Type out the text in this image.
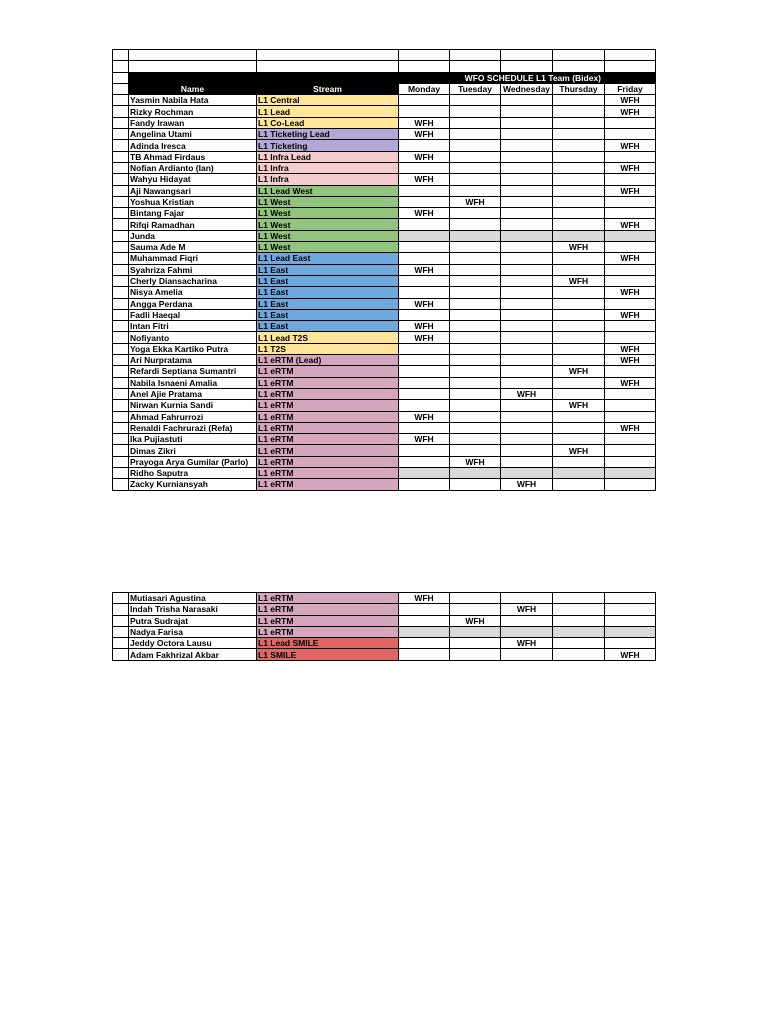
			WFO SCHEDULE L1 Team (Bidex)				
	Name	Stream	Monday	Tuesday	Wednesday	Thursday	Friday
	Yasmin Nabila Hata	L1 Central					WFH
	Rizky Rochman	L1 Lead					WFH
	Fandy Irawan	L1 Co-Lead	WFH				
	Angelina Utami	L1 Ticketing Lead	WFH				
	Adinda Iresca	L1 Ticketing					WFH
	TB Ahmad Firdaus	L1 Infra Lead	WFH				
	Nofian Ardianto (Ian)	L1 Infra					WFH
	Wahyu Hidayat	L1 Infra	WFH				
	Aji Nawangsari	L1 Lead West					WFH
	Yoshua Kristian	L1 West		WFH			
	Bintang Fajar	L1 West	WFH				
	Rifqi Ramadhan	L1 West					WFH
	Junda	L1 West					
	Sauma Ade M	L1 West				WFH	
	Muhammad Fiqri	L1 Lead East					WFH
	Syahriza Fahmi	L1 East	WFH				
	Cherly Diansacharina	L1 East				WFH	
	Nisya Amelia	L1 East					WFH
	Angga Perdana	L1 East	WFH				
	Fadli Haeqal	L1 East					WFH
	Intan Fitri	L1 East	WFH				
	Nofiyanto	L1 Lead T2S	WFH				
	Yoga Ekka Kartiko Putra	L1 T2S					WFH
	Ari Nurpratama	L1 eRTM (Lead)					WFH
	Refardi Septiana Sumantri	L1 eRTM				WFH	
	Nabila Isnaeni Amalia	L1 eRTM					WFH
	Anel Ajie Pratama	L1 eRTM			WFH		
	Nirwan Kurnia Sandi	L1 eRTM				WFH	
	Ahmad Fahrurrozi	L1 eRTM	WFH				
	Renaldi Fachrurazi (Refa)	L1 eRTM					WFH
	Ika Pujiastuti	L1 eRTM	WFH				
	Dimas Zikri	L1 eRTM				WFH	
	Prayoga Arya Gumilar (Parlo)	L1 eRTM		WFH			
	Ridho Saputra	L1 eRTM					
	Zacky Kurniansyah	L1 eRTM			WFH		
	Mutiasari Agustina	L1 eRTM	WFH				
	Indah Trisha Narasaki	L1 eRTM			WFH		
	Putra Sudrajat	L1 eRTM		WFH			
	Nadya Farisa	L1 eRTM					
	Jeddy Octora Lausu	L1 Lead SMILE			WFH		
	Adam Fakhrizal Akbar	L1 SMILE					WFH
